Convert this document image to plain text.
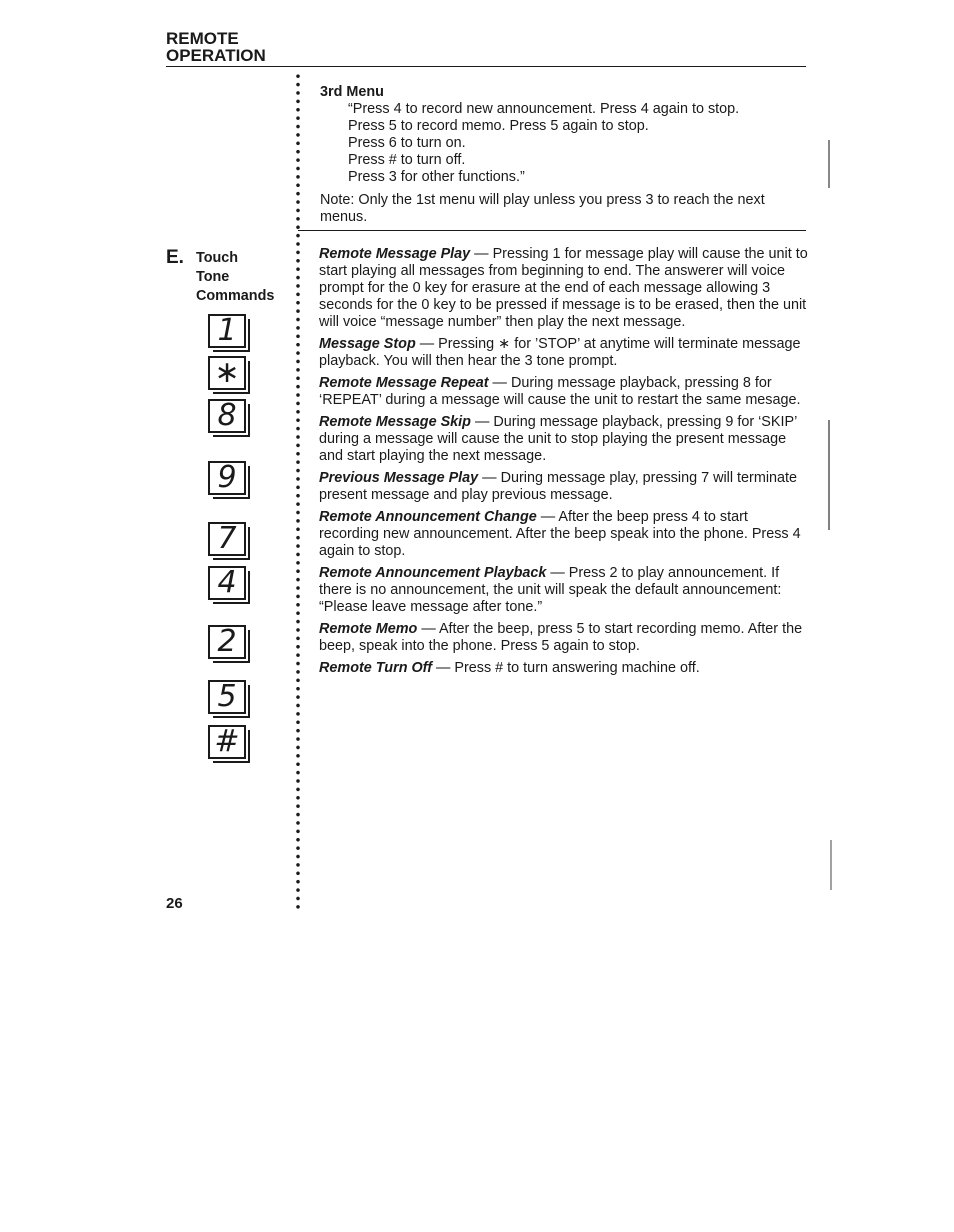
REMOTE
OPERATION
3rd Menu
“Press 4 to record new announcement. Press 4 again to stop.
Press 5 to record memo. Press 5 again to stop.
Press 6 to turn on.
Press # to turn off.
Press 3 for other functions.”
Note: Only the 1st menu will play unless you press 3 to reach the next menus.
E. Touch
Tone
Commands
1
∗
8
9
7
4
2
5
#

Remote Message Play — Pressing 1 for message play will cause the unit to start playing all messages from beginning to end. The answerer will voice prompt for the 0 key for erasure at the end of each message allowing 3 seconds for the 0 key to be pressed if message is to be erased, then the unit will voice “message number” then play the next message.

Message Stop — Pressing ∗ for ’STOP’ at anytime will terminate message playback. You will then hear the 3 tone prompt.

Remote Message Repeat — During message playback, pressing 8 for ‘REPEAT’ during a message will cause the unit to restart the same mesage.

Remote Message Skip — During message playback, pressing 9 for ‘SKIP’ during a message will cause the unit to stop playing the present message and start playing the next message.

Previous Message Play — During message play, pressing 7 will terminate present message and play previous message.

Remote Announcement Change — After the beep press 4 to start recording new announcement. After the beep speak into the phone. Press 4 again to stop.

Remote Announcement Playback — Press 2 to play announcement. If there is no announcement, the unit will speak the default announcement: “Please leave message after tone.”

Remote Memo — After the beep, press 5 to start recording memo. After the beep, speak into the phone. Press 5 again to stop.

Remote Turn Off — Press # to turn answering machine off.

26
